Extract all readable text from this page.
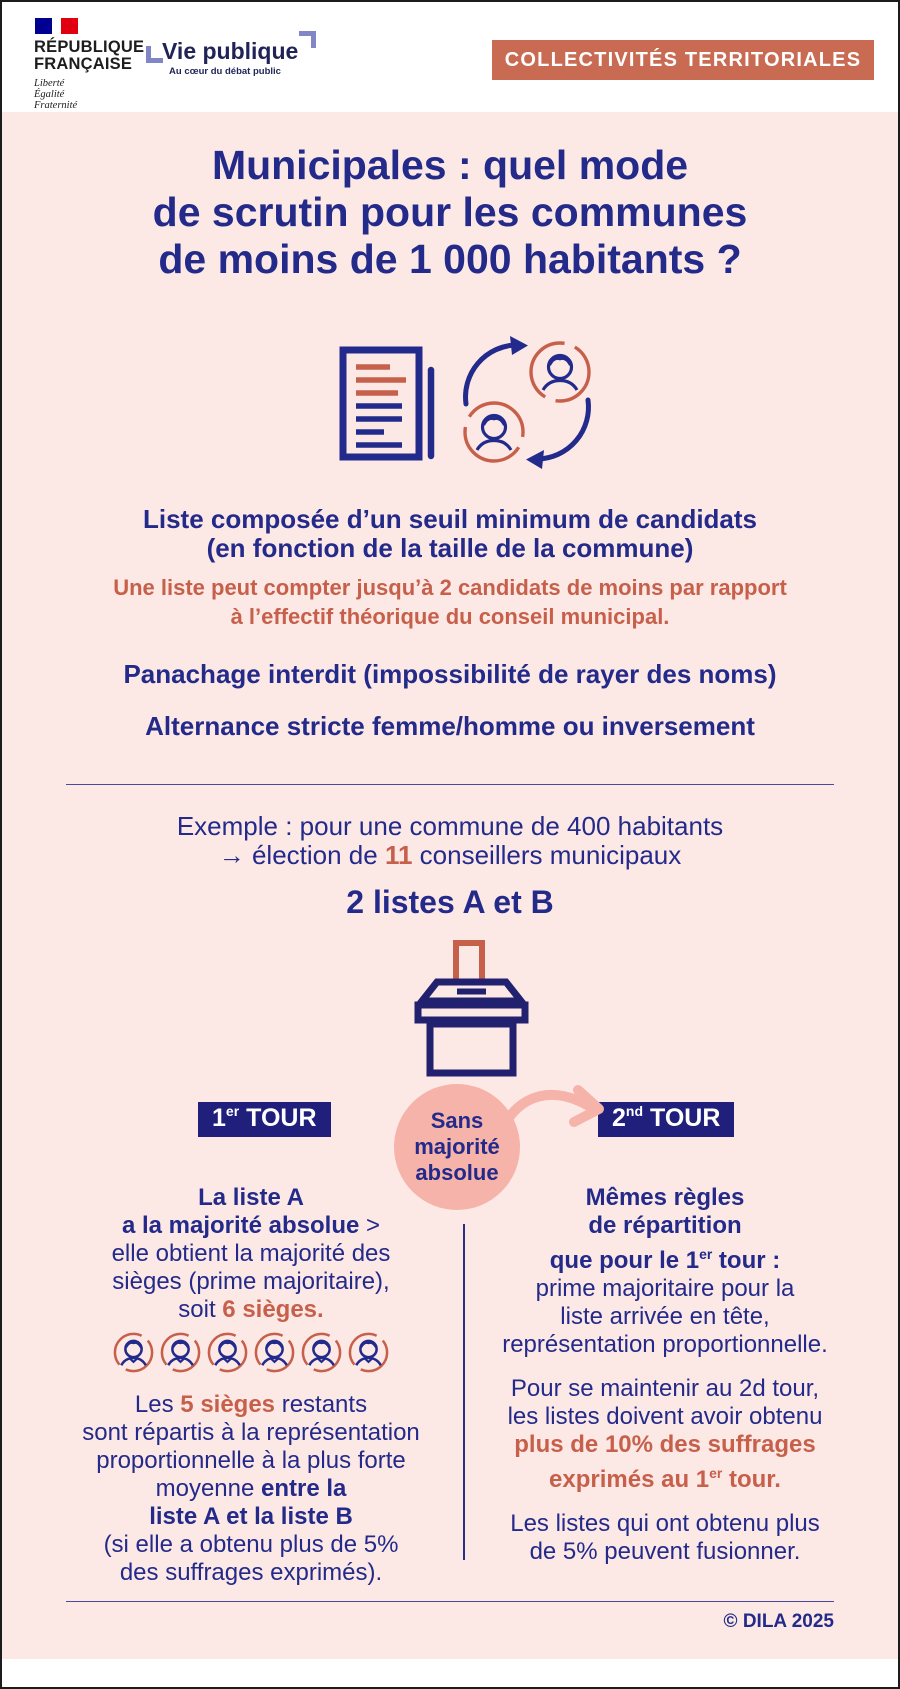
RÉPUBLIQUE
FRANÇAISE
Liberté
Égalité
Fraternité
Vie publique
Au cœur du débat public
COLLECTIVITÉS TERRITORIALES
Municipales : quel mode
de scrutin pour les communes
de moins de 1 000 habitants ?
Liste composée d’un seuil minimum de candidats
(en fonction de la taille de la commune)
Une liste peut compter jusqu’à 2 candidats de moins par rapport
à l’effectif théorique du conseil municipal.
Panachage interdit (impossibilité de rayer des noms)
Alternance stricte femme/homme ou inversement
Exemple : pour une commune de 400 habitants
→ élection de 11 conseillers municipaux
2 listes A et B
1er TOUR	2nd TOUR
Sans
majorité
absolue

La liste A

a la majorité absolue >

elle obtient la majorité des

sièges (prime majoritaire),

soit 6 sièges.

Les 5 sièges restants

sont répartis à la représentation

proportionnelle à la plus forte

moyenne entre la

liste A et la liste B

(si elle a obtenu plus de 5%

des suffrages exprimés).

Mêmes règles

de répartition

que pour le 1er tour :

prime majoritaire pour la

liste arrivée en tête,

représentation proportionnelle.

Pour se maintenir au 2d tour,

les listes doivent avoir obtenu

plus de 10% des suffrages

exprimés au 1er tour.

Les listes qui ont obtenu plus

de 5% peuvent fusionner.

© DILA 2025
